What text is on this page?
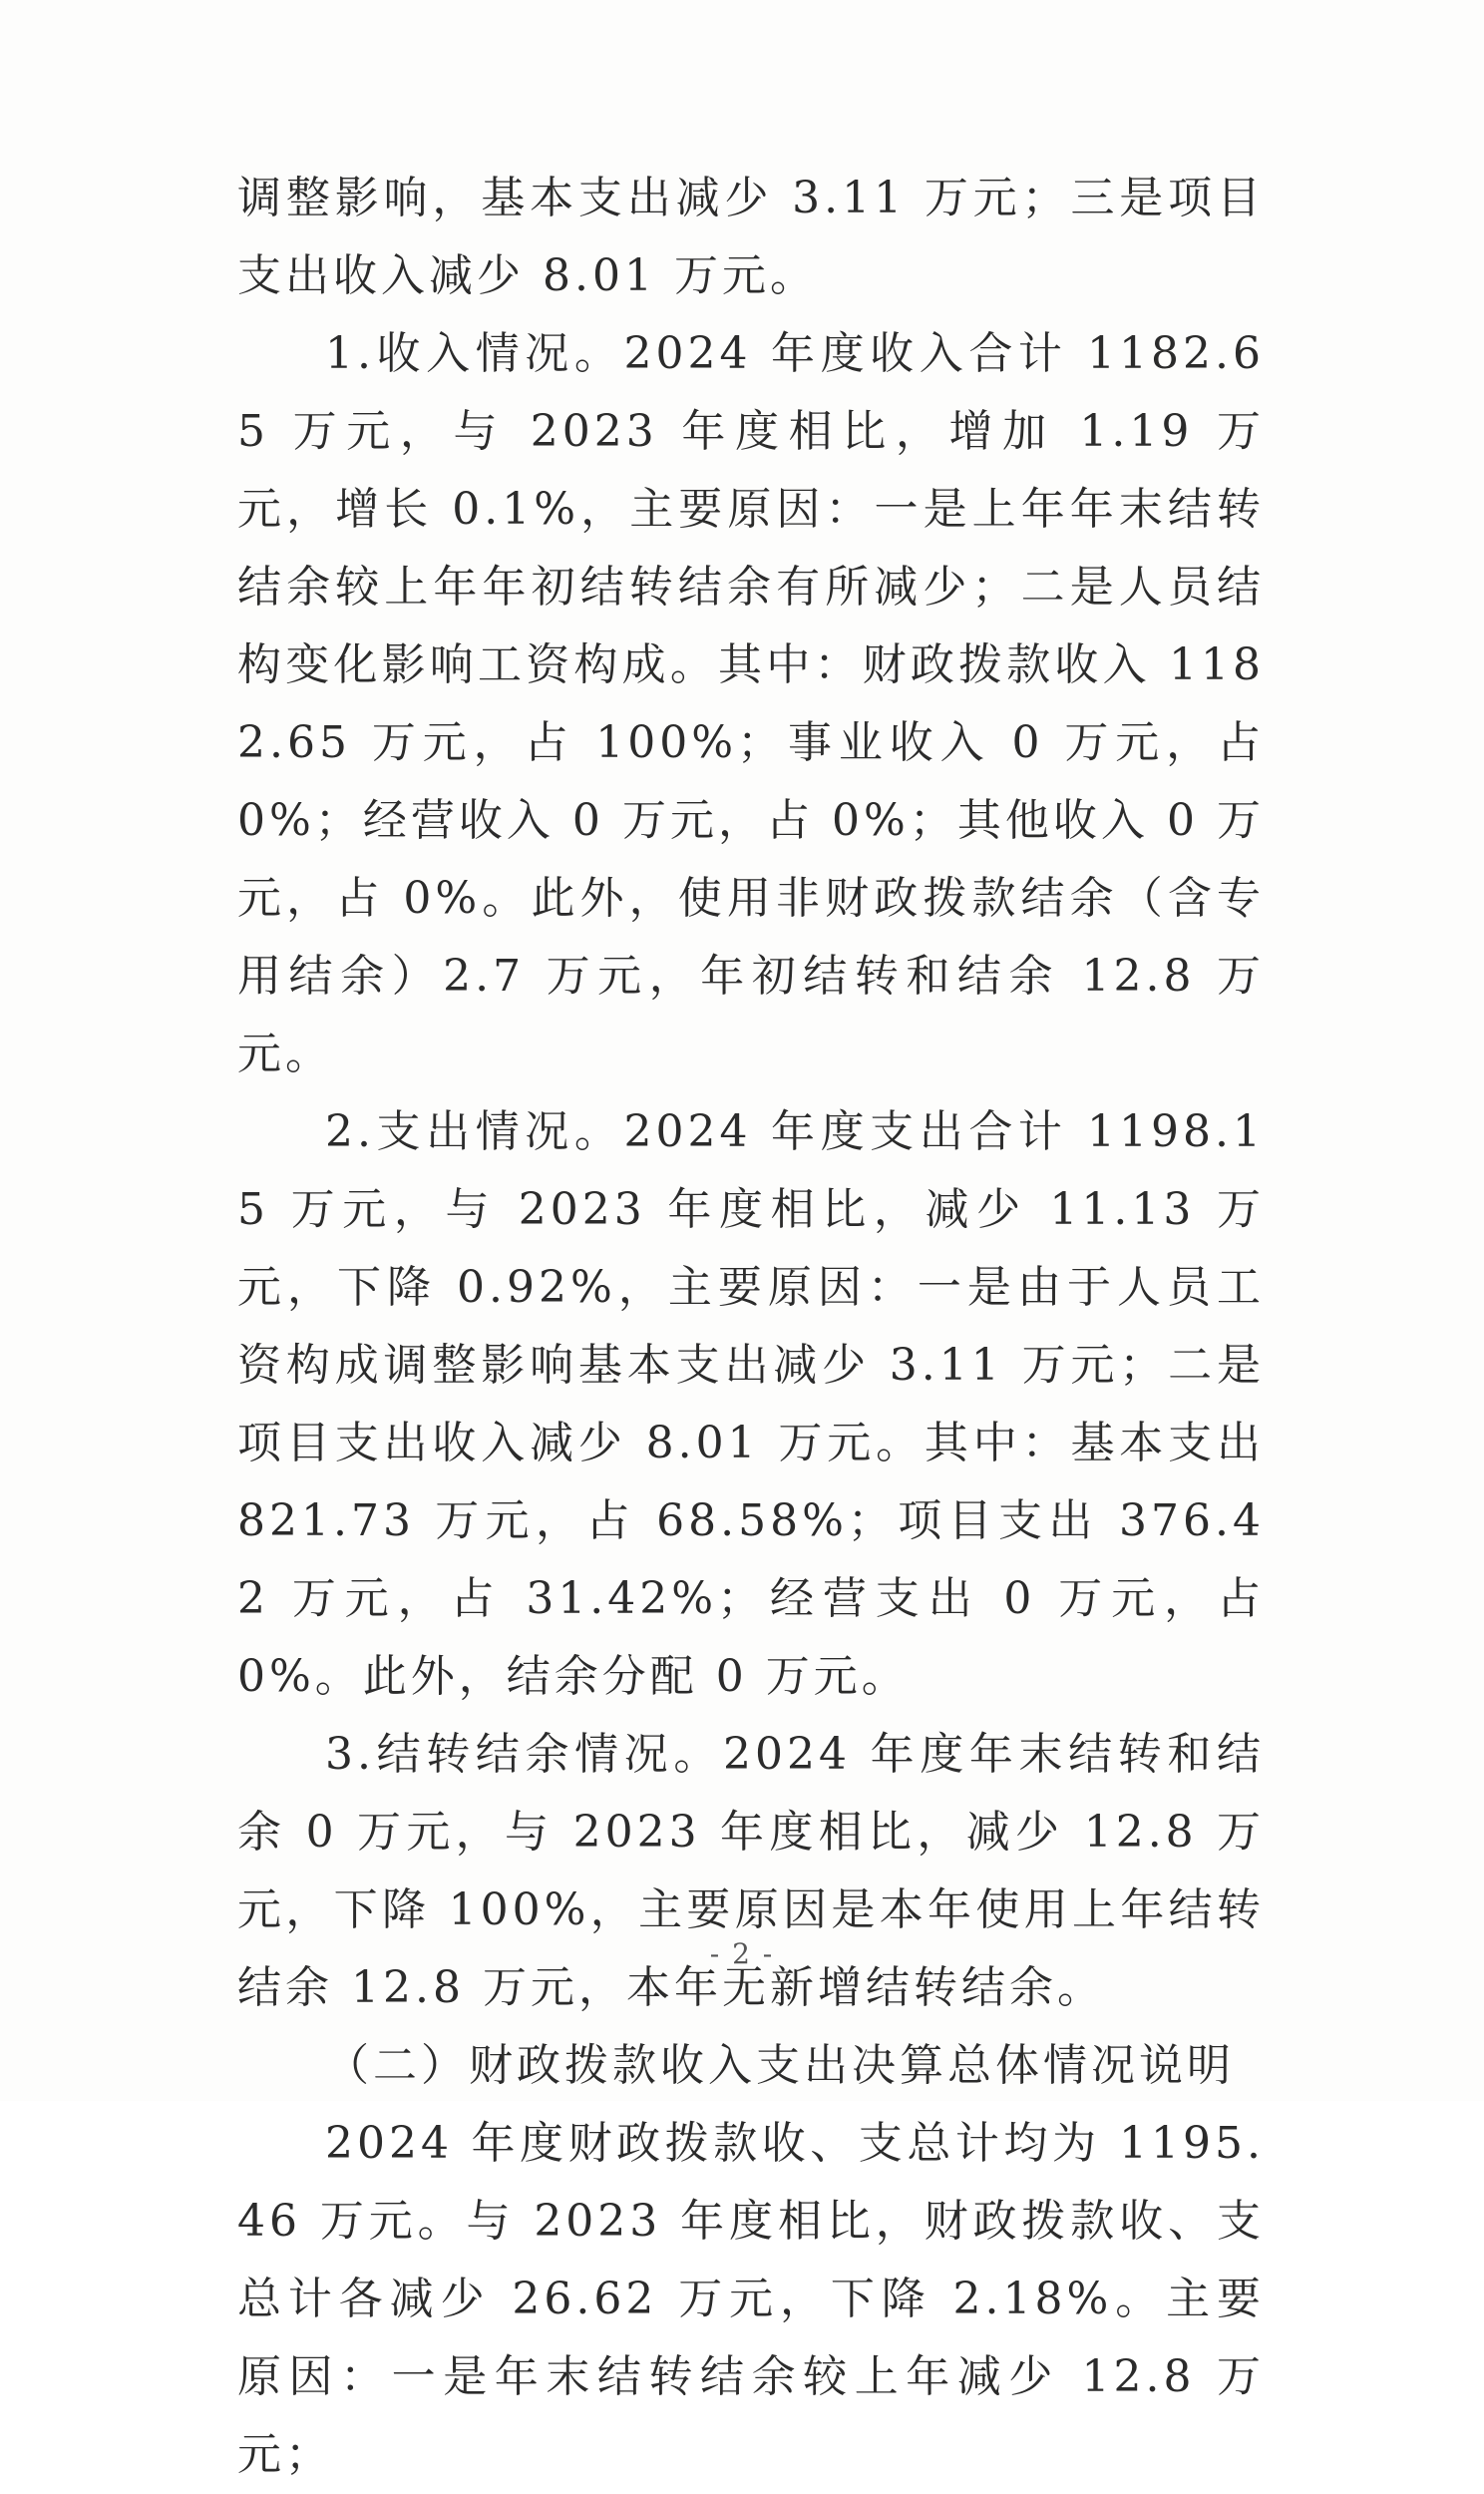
调整影响，基本支出减少 3.11 万元；三是项目支出收入减少 8.01 万元。

1.收入情况。2024 年度收入合计 1182.65 万元，与 2023 年度相比，增加 1.19 万元，增长 0.1%，主要原因：一是上年年末结转结余较上年年初结转结余有所减少；二是人员结构变化影响工资构成。其中：财政拨款收入 1182.65 万元，占 100%；事业收入 0 万元，占 0%；经营收入 0 万元，占 0%；其他收入 0 万元，占 0%。此外，使用非财政拨款结余（含专用结余）2.7 万元，年初结转和结余 12.8 万元。

2.支出情况。2024 年度支出合计 1198.15 万元，与 2023 年度相比，减少 11.13 万元，下降 0.92%，主要原因：一是由于人员工资构成调整影响基本支出减少 3.11 万元；二是项目支出收入减少 8.01 万元。其中：基本支出 821.73 万元，占 68.58%；项目支出 376.42 万元，占 31.42%；经营支出 0 万元，占 0%。此外，结余分配 0 万元。

3.结转结余情况。2024 年度年末结转和结余 0 万元，与 2023 年度相比，减少 12.8 万元，下降 100%，主要原因是本年使用上年结转结余 12.8 万元，本年无新增结转结余。

（二）财政拨款收入支出决算总体情况说明

2024 年度财政拨款收、支总计均为 1195.46 万元。与 2023 年度相比，财政拨款收、支总计各减少 26.62 万元，下降 2.18%。主要原因：一是年末结转结余较上年减少 12.8 万元；

- 2 -
